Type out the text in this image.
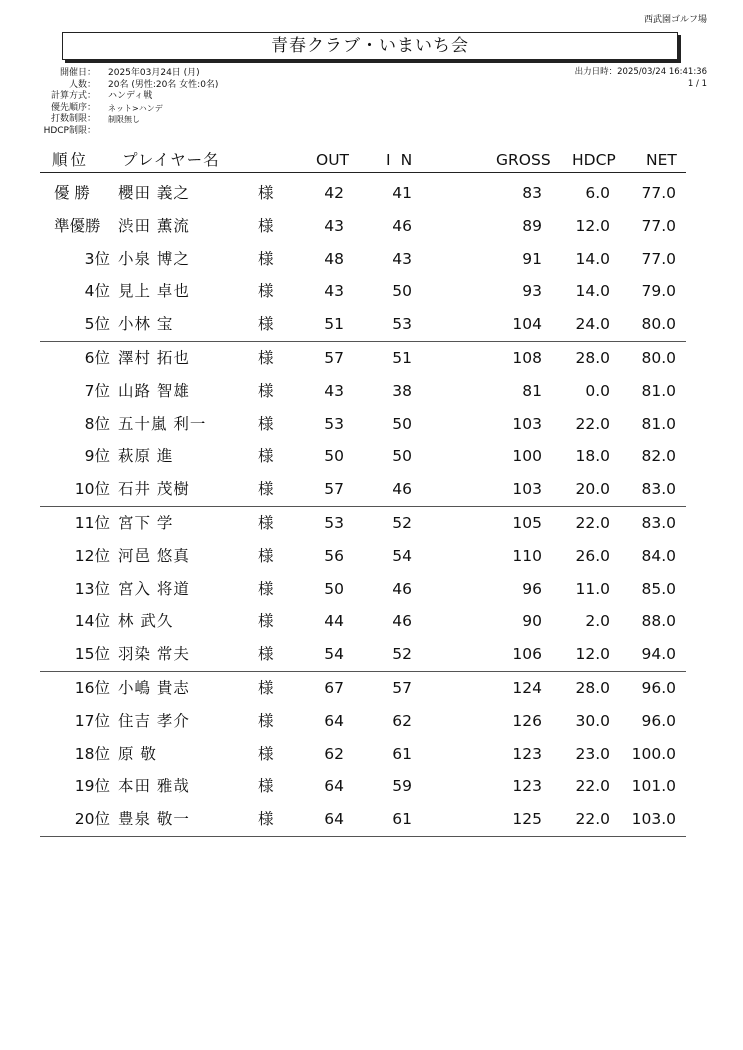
西武園ゴルフ場
青春クラブ・いまいち会
開催日：	2025年03月24日 (月)
人数：	20名 (男性:20名 女性:0名)
計算方式：	ハンディ戦
優先順序：	ネット>ハンデ
打数制限：	制限無し
HDCP制限：
出力日時：2025/03/24 16:41:36
1 / 1
順位 プレイヤー名	OUT IN	GROSS HDCP NET
優 勝 櫻田 義之	様	42	41	83	6.0	77.0
準優勝 渋田 薫流	様	43	46	89	12.0	77.0
3位 小泉 博之	様	48	43	91	14.0	77.0
4位 見上 卓也	様	43	50	93	14.0	79.0
5位 小林 宝	様	51	53	104	24.0	80.0
6位 澤村 拓也	様	57	51	108	28.0	80.0
7位 山路 智雄	様	43	38	81	0.0	81.0
8位 五十嵐 利一	様	53	50	103	22.0	81.0
9位 萩原 進	様	50	50	100	18.0	82.0
10位 石井 茂樹	様	57	46	103	20.0	83.0
11位 宮下 学	様	53	52	105	22.0	83.0
12位 河邑 悠真	様	56	54	110	26.0	84.0
13位 宮入 将道	様	50	46	96	11.0	85.0
14位 林 武久	様	44	46	90	2.0	88.0
15位 羽染 常夫	様	54	52	106	12.0	94.0
16位 小嶋 貴志	様	67	57	124	28.0	96.0
17位 住吉 孝介	様	64	62	126	30.0	96.0
18位 原 敬	様	62	61	123	23.0	100.0
19位 本田 雅哉	様	64	59	123	22.0	101.0
20位 豊泉 敬一	様	64	61	125	22.0	103.0
